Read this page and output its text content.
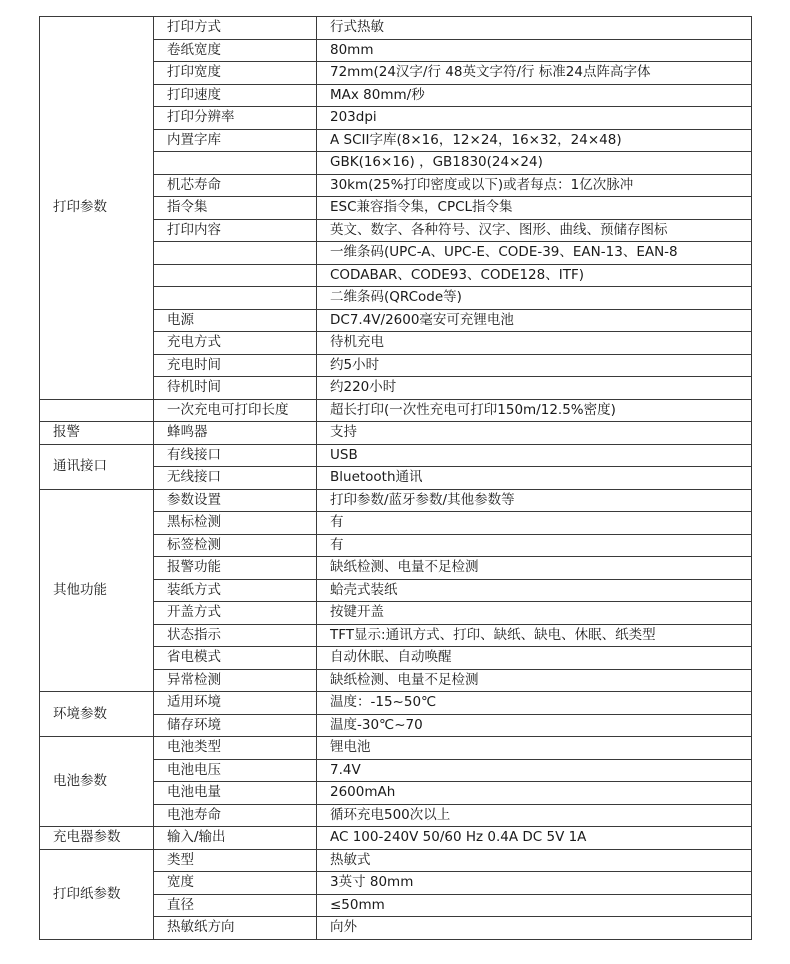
打印参数	打印方式	行式热敏
	卷纸宽度	80mm
	打印宽度	72mm(24汉字/行 48英文字符/行 标准24点阵高字体
	打印速度	MAx 80mm/秒
	打印分辨率	203dpi
	内置字库	A SCII字库(8×16，12×24，16×32，24×48)
		GBK(16×16) ，GB1830(24×24)
	机芯寿命	30km(25%打印密度或以下)或者每点：1亿次脉冲
	指令集	ESC兼容指令集，CPCL指令集
	打印内容	英文、数字、各种符号、汉字、图形、曲线、预储存图标
		一维条码(UPC-A、UPC-E、CODE-39、EAN-13、EAN-8
		CODABAR、CODE93、CODE128、ITF)
		二维条码(QRCode等)
	电源	DC7.4V/2600毫安可充锂电池
	充电方式	待机充电
	充电时间	约5小时
	待机时间	约220小时
	一次充电可打印长度	超长打印(一次性充电可打印150m/12.5%密度)
报警	蜂鸣器	支持
通讯接口	有线接口	USB
	无线接口	Bluetooth通讯
其他功能	参数设置	打印参数/蓝牙参数/其他参数等
	黑标检测	有
	标签检测	有
	报警功能	缺纸检测、电量不足检测
	装纸方式	蛤壳式装纸
	开盖方式	按键开盖
	状态指示	TFT显示:通讯方式、打印、缺纸、缺电、休眠、纸类型
	省电模式	自动休眠、自动唤醒
	异常检测	缺纸检测、电量不足检测
环境参数	适用环境	温度：-15~50℃
	储存环境	温度-30℃~70
电池参数	电池类型	锂电池
	电池电压	7.4V
	电池电量	2600mAh
	电池寿命	循环充电500次以上
充电器参数	输入/输出	AC 100-240V 50/60 Hz 0.4A DC 5V 1A
打印纸参数	类型	热敏式
	宽度	3英寸 80mm
	直径	≤50mm
	热敏纸方向	向外
